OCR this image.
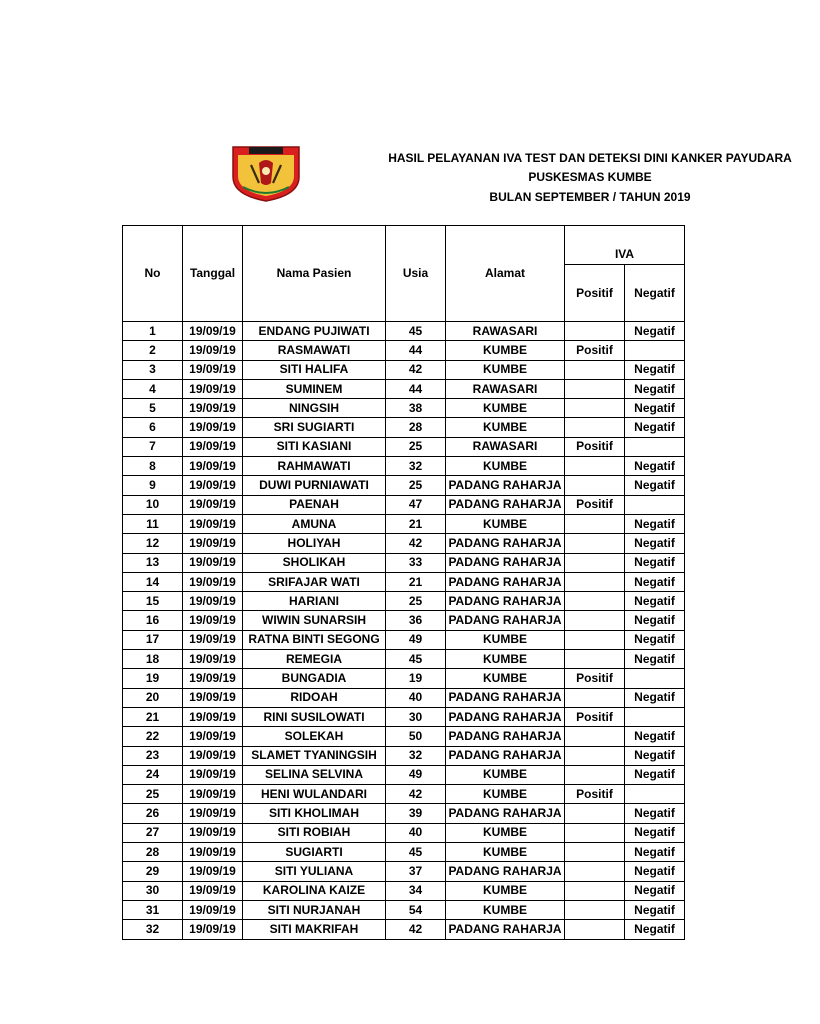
HASIL PELAYANAN IVA TEST DAN DETEKSI DINI KANKER PAYUDARA
PUSKESMAS KUMBE
BULAN SEPTEMBER / TAHUN 2019
No	Tanggal	Nama Pasien	Usia	Alamat		
					IVA	
					Positif	Negatif
1	19/09/19	ENDANG PUJIWATI	45	RAWASARI		Negatif
2	19/09/19	RASMAWATI	44	KUMBE	Positif	
3	19/09/19	SITI HALIFA	42	KUMBE		Negatif
4	19/09/19	SUMINEM	44	RAWASARI		Negatif
5	19/09/19	NINGSIH	38	KUMBE		Negatif
6	19/09/19	SRI SUGIARTI	28	KUMBE		Negatif
7	19/09/19	SITI KASIANI	25	RAWASARI	Positif	
8	19/09/19	RAHMAWATI	32	KUMBE		Negatif
9	19/09/19	DUWI PURNIAWATI	25	PADANG RAHARJA		Negatif
10	19/09/19	PAENAH	47	PADANG RAHARJA	Positif	
11	19/09/19	AMUNA	21	KUMBE		Negatif
12	19/09/19	HOLIYAH	42	PADANG RAHARJA		Negatif
13	19/09/19	SHOLIKAH	33	PADANG RAHARJA		Negatif
14	19/09/19	SRIFAJAR WATI	21	PADANG RAHARJA		Negatif
15	19/09/19	HARIANI	25	PADANG RAHARJA		Negatif
16	19/09/19	WIWIN SUNARSIH	36	PADANG RAHARJA		Negatif
17	19/09/19	RATNA BINTI SEGONG	49	KUMBE		Negatif
18	19/09/19	REMEGIA	45	KUMBE		Negatif
19	19/09/19	BUNGADIA	19	KUMBE	Positif	
20	19/09/19	RIDOAH	40	PADANG RAHARJA		Negatif
21	19/09/19	RINI SUSILOWATI	30	PADANG RAHARJA	Positif	
22	19/09/19	SOLEKAH	50	PADANG RAHARJA		Negatif
23	19/09/19	SLAMET TYANINGSIH	32	PADANG RAHARJA		Negatif
24	19/09/19	SELINA SELVINA	49	KUMBE		Negatif
25	19/09/19	HENI WULANDARI	42	KUMBE	Positif	
26	19/09/19	SITI KHOLIMAH	39	PADANG RAHARJA		Negatif
27	19/09/19	SITI ROBIAH	40	KUMBE		Negatif
28	19/09/19	SUGIARTI	45	KUMBE		Negatif
29	19/09/19	SITI YULIANA	37	PADANG RAHARJA		Negatif
30	19/09/19	KAROLINA KAIZE	34	KUMBE		Negatif
31	19/09/19	SITI NURJANAH	54	KUMBE		Negatif
32	19/09/19	SITI MAKRIFAH	42	PADANG RAHARJA		Negatif
